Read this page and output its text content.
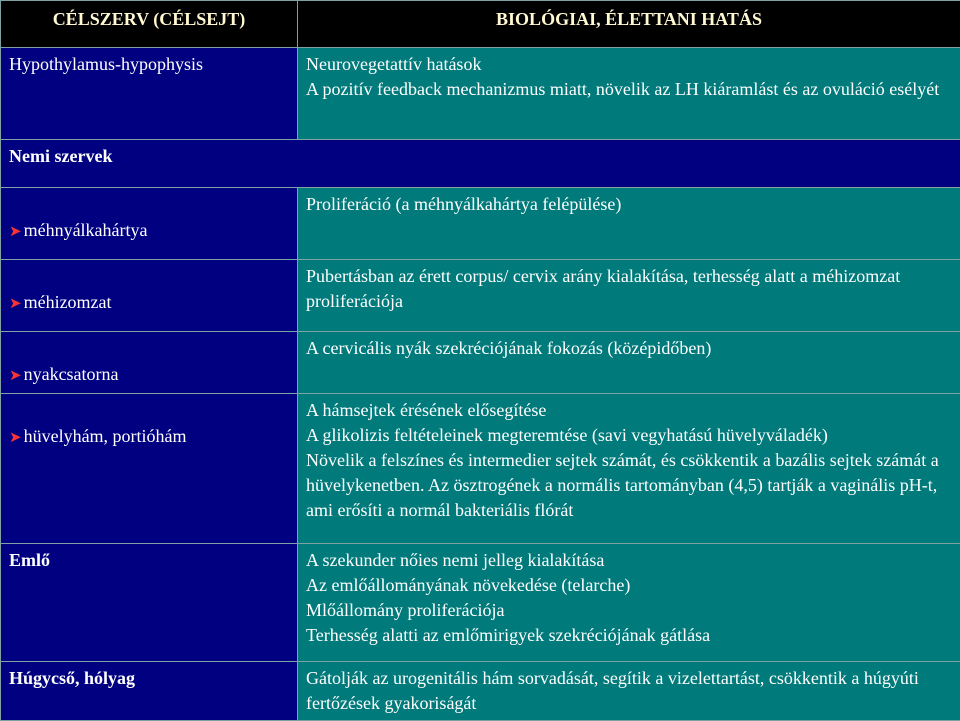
CÉLSZERV (CÉLSEJT)	BIOLÓGIAI, ÉLETTANI HATÁS
Hypothylamus-hypophysis	Neurovegetattív hatások
A pozitív feedback mechanizmus miatt, növelik az LH kiáramlást és az ovuláció esélyét

Nemi szervek	
➤ méhnyálkahártya	Proliferáció (a méhnyálkahártya felépülése)

➤ méhizomzat	Pubertásban az érett corpus/ cervix arány kialakítása, terhesség alatt a méhizomzat proliferációja

➤ nyakcsatorna	A cervicális nyák szekréciójának fokozás (középidőben)

➤ hüvelyhám, portióhám	A hámsejtek érésének elősegítése
A glikolizis feltételeinek megteremtése (savi vegyhatású hüvelyváladék)
Növelik a felszínes és intermedier sejtek számát, és csökkentik a bazális sejtek számát a hüvelykenetben. Az ösztrogének a normális tartományban (4,5) tartják a vaginális pH-t, ami erősíti a normál bakteriális flórát

Emlő	A szekunder nőies nemi jelleg kialakítása
Az emlőállományának növekedése (telarche)
Mlőállomány proliferációja
Terhesség alatti az emlőmirigyek szekréciójának gátlása

Húgycső, hólyag	Gátolják az urogenitális hám sorvadását, segítik a vizelettartást, csökkentik a húgyúti fertőzések gyakoriságát
